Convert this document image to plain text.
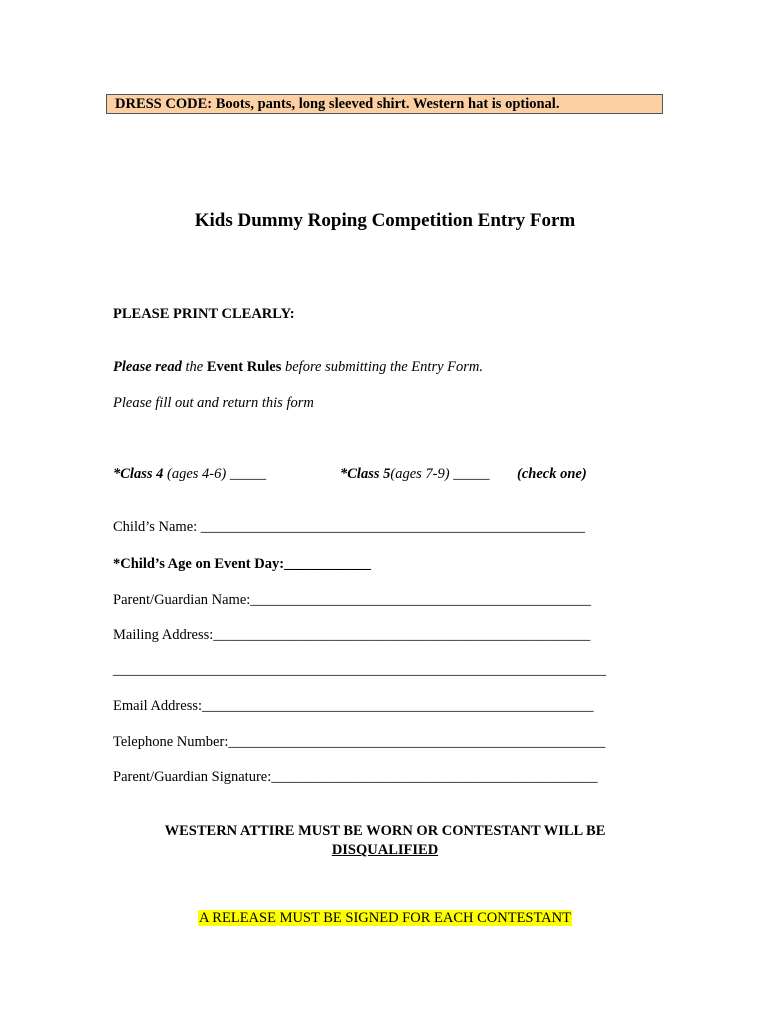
DRESS CODE: Boots, pants, long sleeved shirt. Western hat is optional.
Kids Dummy Roping Competition Entry Form
PLEASE PRINT CLEARLY:
Please read the Event Rules before submitting the Entry Form.
Please fill out and return this form
*Class 4 (ages 4-6) _____	*Class 5(ages 7-9) _____ (check one)
Child’s Name: _____________________________________________________
*Child’s Age on Event Day:____________
Parent/Guardian Name:_______________________________________________
Mailing Address:____________________________________________________
____________________________________________________________________
Email Address:______________________________________________________
Telephone Number:____________________________________________________
Parent/Guardian Signature:_____________________________________________
WESTERN ATTIRE MUST BE WORN OR CONTESTANT WILL BE
DISQUALIFIED
A RELEASE MUST BE SIGNED FOR EACH CONTESTANT
